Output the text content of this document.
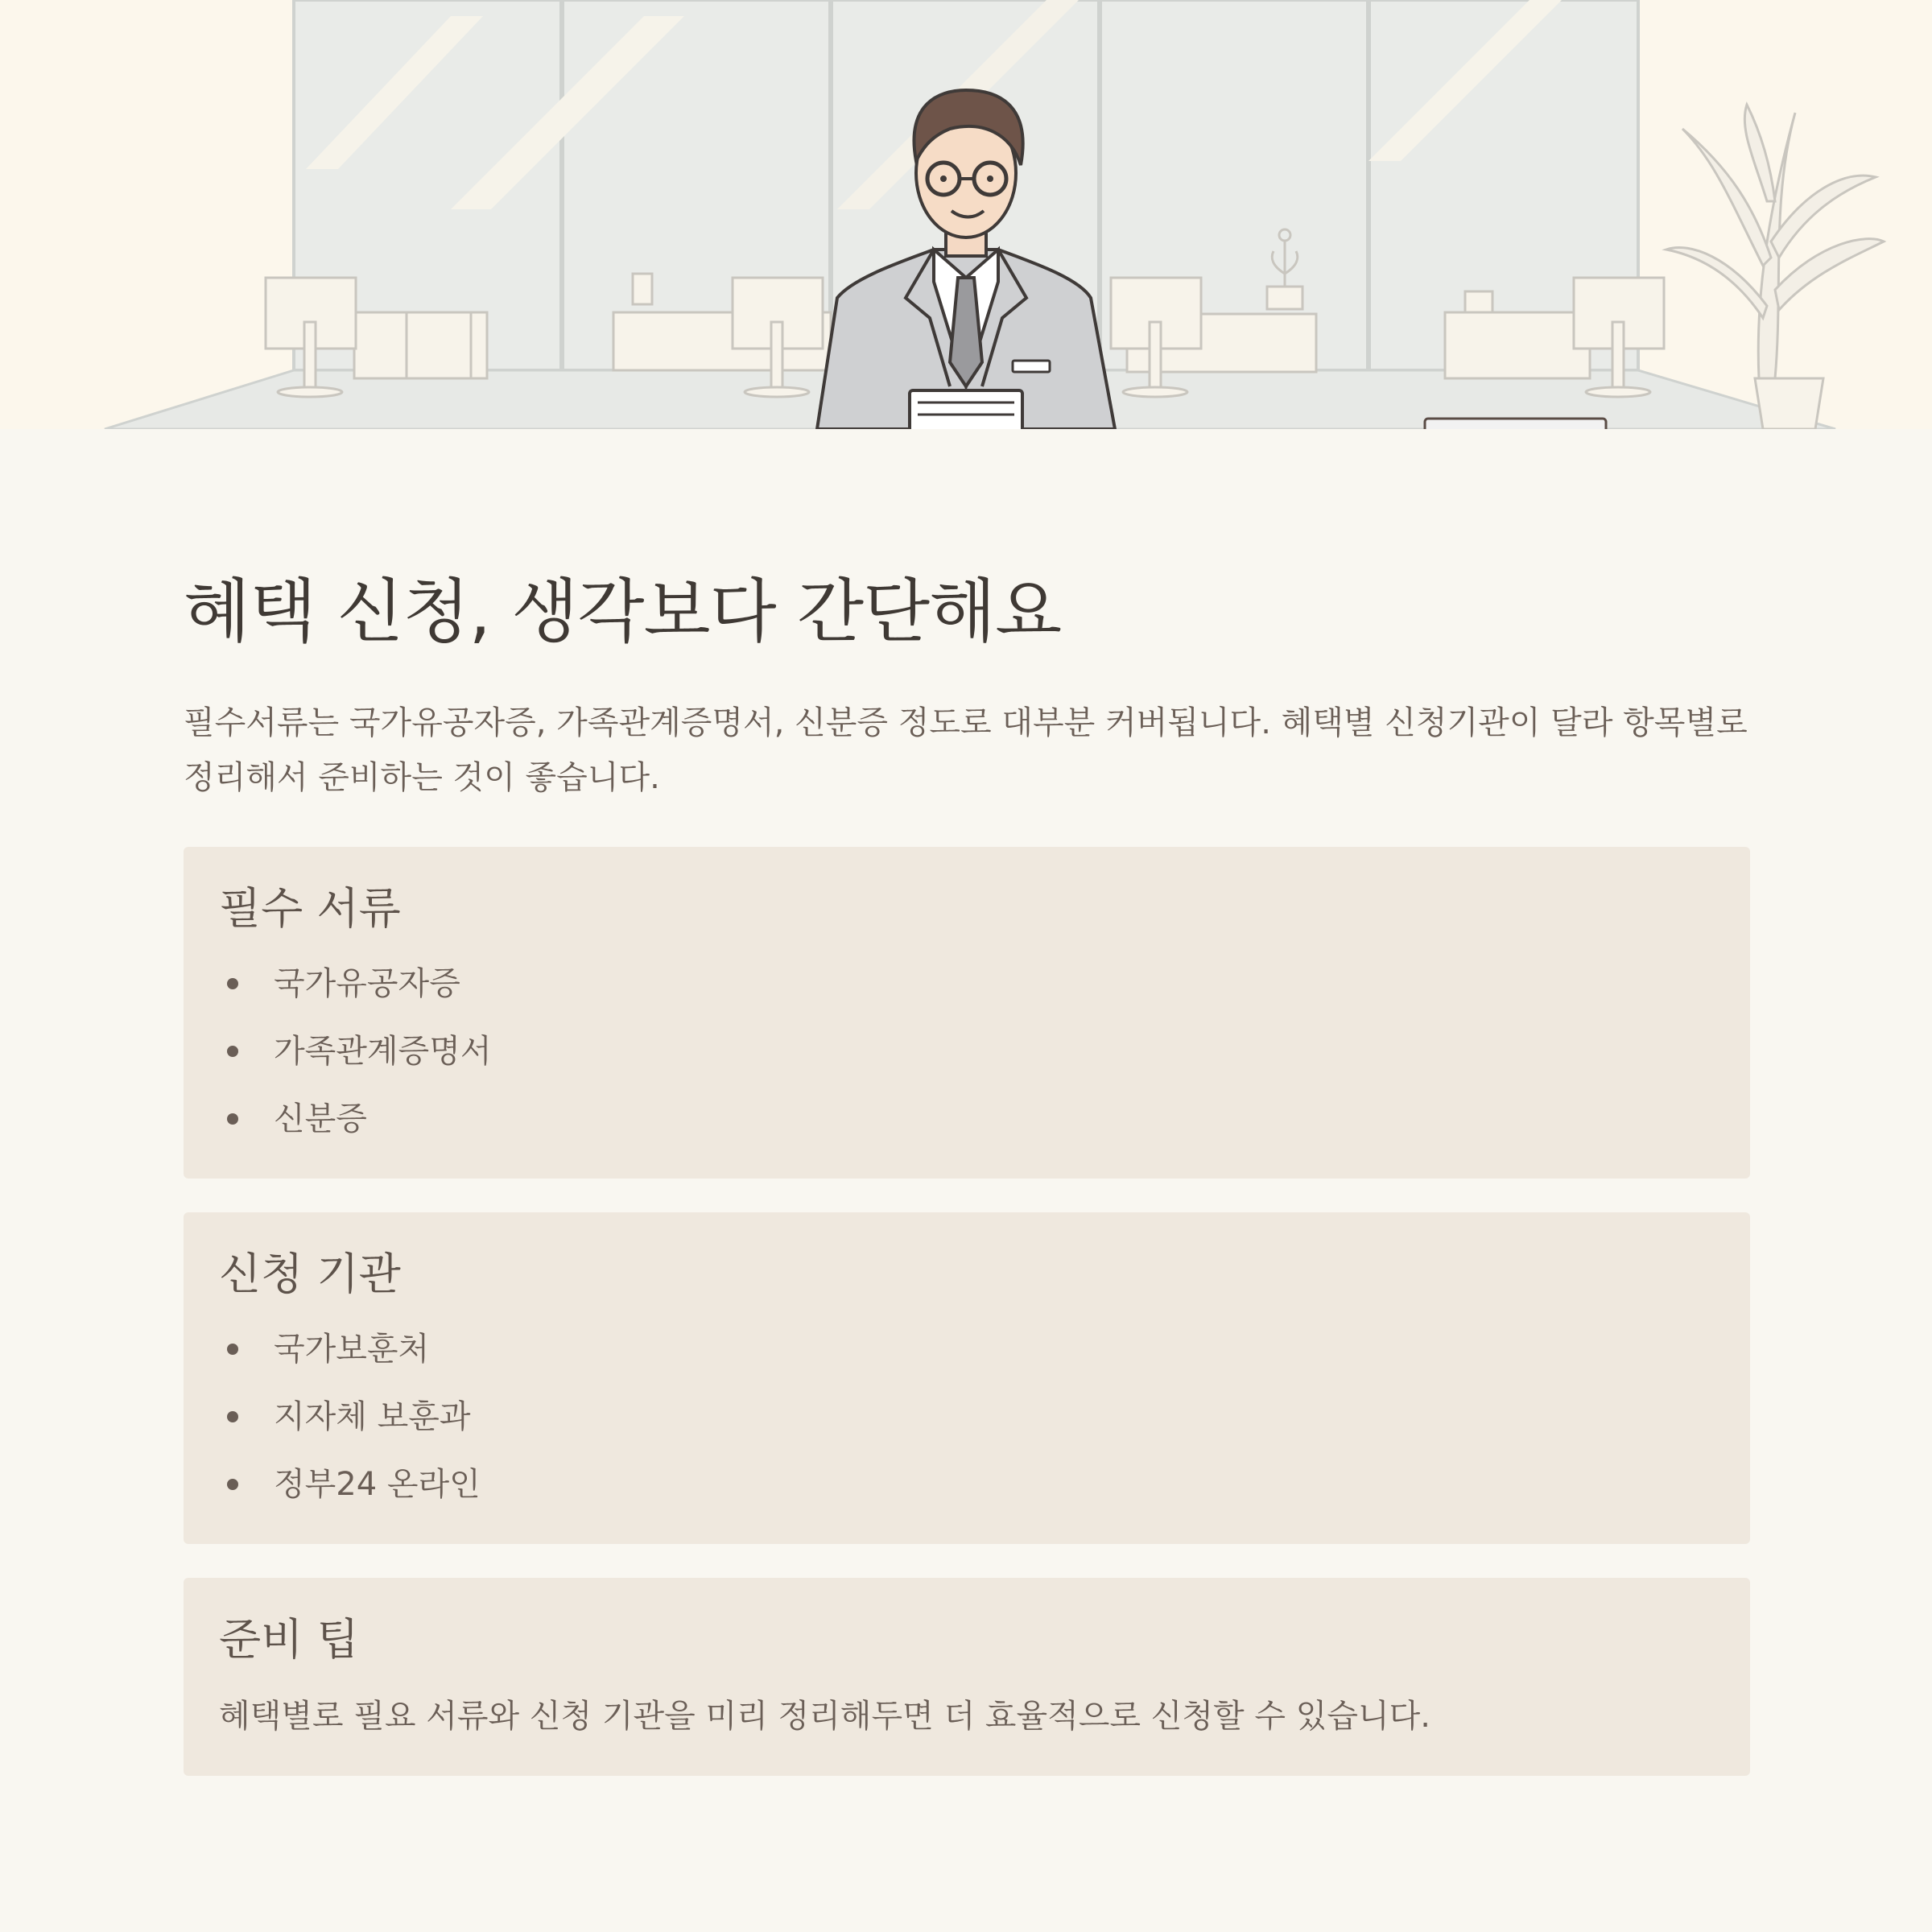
혜택 신청, 생각보다 간단해요

필수서류는 국가유공자증, 가족관계증명서, 신분증 정도로 대부분 커버됩니다. 혜택별 신청기관이 달라 항목별로 정리해서 준비하는 것이 좋습니다.

필수 서류
국가유공자증
가족관계증명서
신분증
신청 기관
국가보훈처
지자체 보훈과
정부24 온라인
준비 팁

혜택별로 필요 서류와 신청 기관을 미리 정리해두면 더 효율적으로 신청할 수 있습니다.
